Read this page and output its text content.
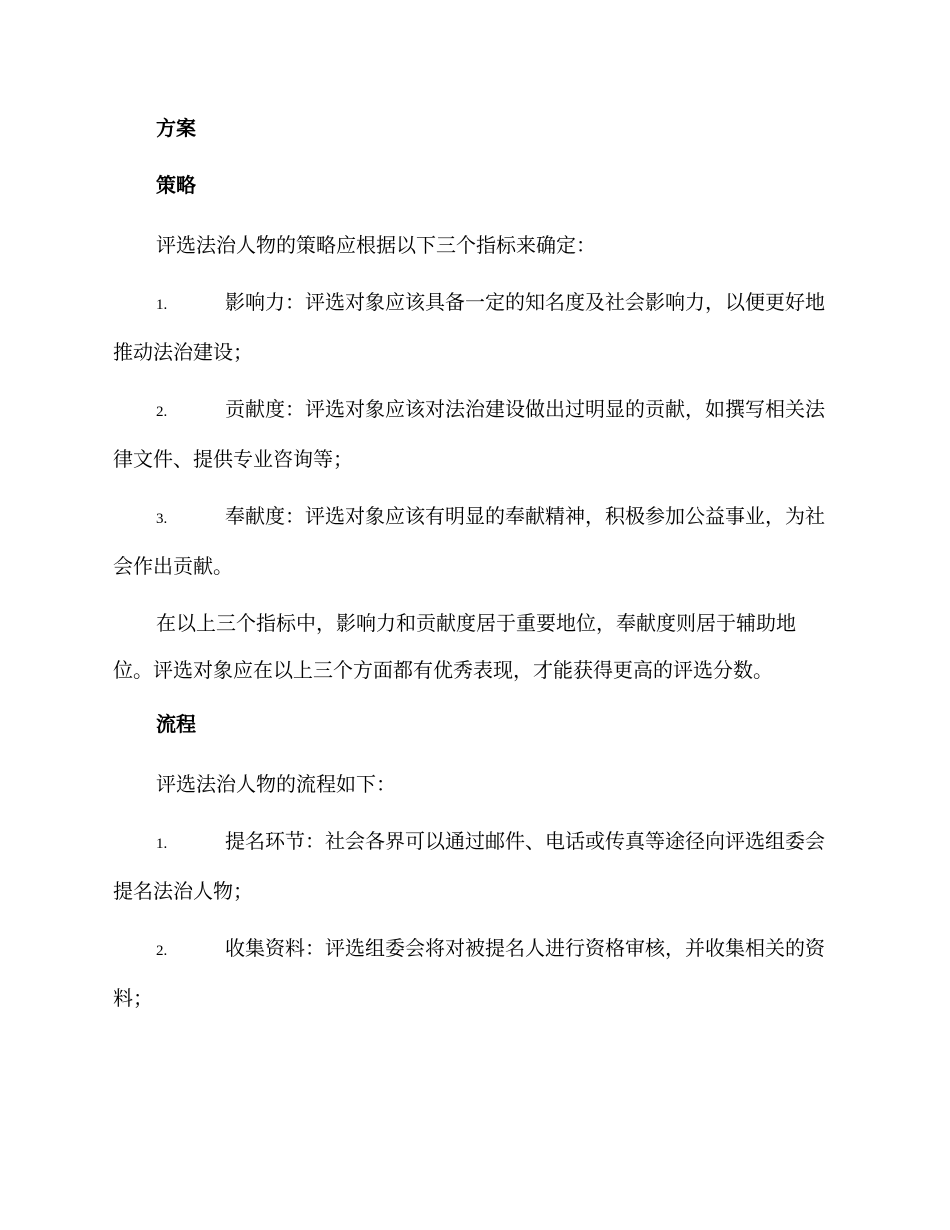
方案
策略
评选法治人物的策略应根据以下三个指标来确定：
1.	影响力：评选对象应该具备一定的知名度及社会影响力，以便更好地推动法治建设；
2.	贡献度：评选对象应该对法治建设做出过明显的贡献，如撰写相关法律文件、提供专业咨询等；
3.	奉献度：评选对象应该有明显的奉献精神，积极参加公益事业，为社会作出贡献。
在以上三个指标中，影响力和贡献度居于重要地位，奉献度则居于辅助地位。评选对象应在以上三个方面都有优秀表现，才能获得更高的评选分数。
流程
评选法治人物的流程如下：
1.	提名环节：社会各界可以通过邮件、电话或传真等途径向评选组委会提名法治人物；
2.	收集资料：评选组委会将对被提名人进行资格审核，并收集相关的资料；
